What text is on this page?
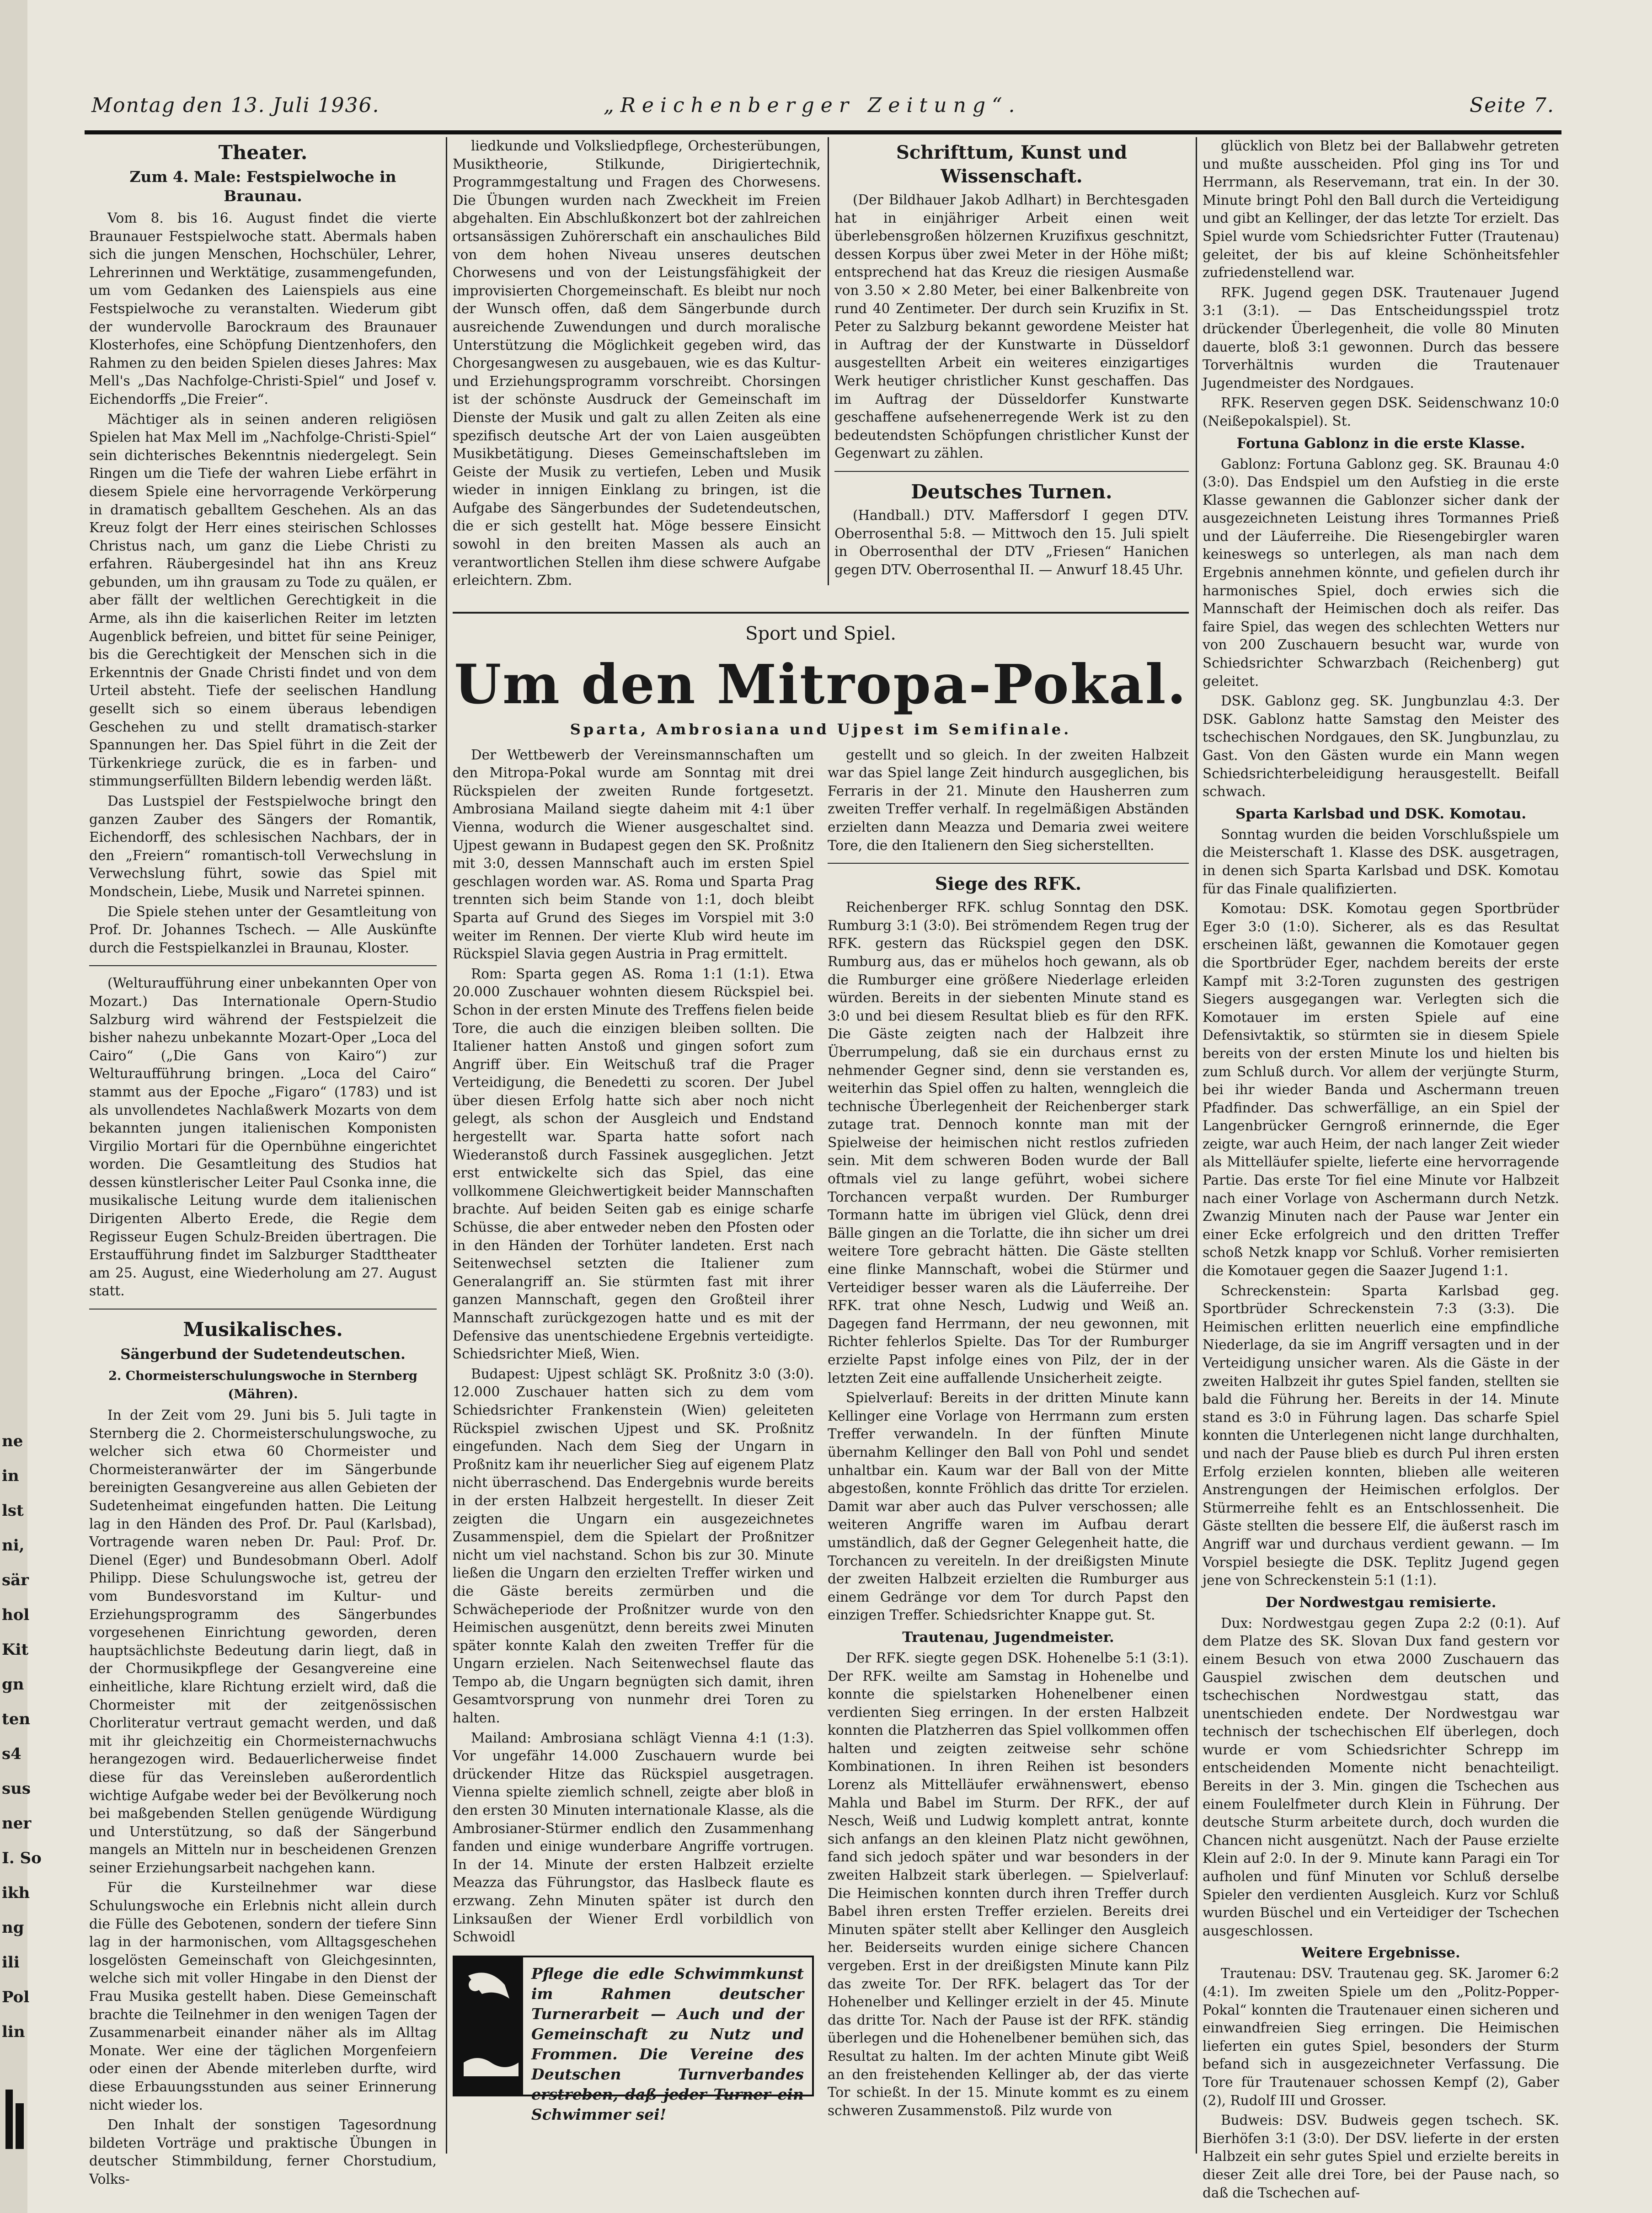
ne
in
lst
ni,
sär
hol
Kit
gn
ten
s4
sus
ner
I. So
ikh
ng
ili
Pol
lin
Montag den 13. Juli 1936.	„Reichenberger Zeitung“.	Seite 7.
Theater.
Zum 4. Male: Festspielwoche in Braunau.

Vom 8. bis 16. August findet die vierte Braunauer Festspielwoche statt. Abermals haben sich die jungen Menschen, Hochschüler, Lehrer, Lehrerinnen und Werktätige, zusammengefunden, um vom Gedanken des Laienspiels aus eine Festspielwoche zu veranstalten. Wiederum gibt der wundervolle Barockraum des Braunauer Klosterhofes, eine Schöpfung Dientzenhofers, den Rahmen zu den beiden Spielen dieses Jahres: Max Mell's „Das Nachfolge-Christi-Spiel“ und Josef v. Eichendorffs „Die Freier“.

Mächtiger als in seinen anderen religiösen Spielen hat Max Mell im „Nachfolge-Christi-Spiel“ sein dichterisches Bekenntnis niedergelegt. Sein Ringen um die Tiefe der wahren Liebe erfährt in diesem Spiele eine hervorragende Verkörperung in dramatisch geballtem Geschehen. Als an das Kreuz folgt der Herr eines steirischen Schlosses Christus nach, um ganz die Liebe Christi zu erfahren. Räubergesindel hat ihn ans Kreuz gebunden, um ihn grausam zu Tode zu quälen, er aber fällt der weltlichen Gerechtigkeit in die Arme, als ihn die kaiserlichen Reiter im letzten Augenblick befreien, und bittet für seine Peiniger, bis die Gerechtigkeit der Menschen sich in die Erkenntnis der Gnade Christi findet und von dem Urteil absteht. Tiefe der seelischen Handlung gesellt sich so einem überaus lebendigen Geschehen zu und stellt dramatisch-starker Spannungen her. Das Spiel führt in die Zeit der Türkenkriege zurück, die es in farben- und stimmungserfüllten Bildern lebendig werden läßt.

Das Lustspiel der Festspielwoche bringt den ganzen Zauber des Sängers der Romantik, Eichendorff, des schlesischen Nachbars, der in den „Freiern“ romantisch-toll Verwechslung in Verwechslung führt, sowie das Spiel mit Mondschein, Liebe, Musik und Narretei spinnen.

Die Spiele stehen unter der Gesamtleitung von Prof. Dr. Johannes Tschech. — Alle Auskünfte durch die Festspielkanzlei in Braunau, Kloster.

(Welturaufführung einer unbekannten Oper von Mozart.) Das Internationale Opern-Studio Salzburg wird während der Festspielzeit die bisher nahezu unbekannte Mozart-Oper „Loca del Cairo“ („Die Gans von Kairo“) zur Welturaufführung bringen. „Loca del Cairo“ stammt aus der Epoche „Figaro“ (1783) und ist als unvollendetes Nachlaßwerk Mozarts von dem bekannten jungen italienischen Komponisten Virgilio Mortari für die Opernbühne eingerichtet worden. Die Gesamtleitung des Studios hat dessen künstlerischer Leiter Paul Csonka inne, die musikalische Leitung wurde dem italienischen Dirigenten Alberto Erede, die Regie dem Regisseur Eugen Schulz-Breiden übertragen. Die Erstaufführung findet im Salzburger Stadttheater am 25. August, eine Wiederholung am 27. August statt.

Musikalisches.
Sängerbund der Sudetendeutschen.
2. Chormeisterschulungswoche in Sternberg (Mähren).

In der Zeit vom 29. Juni bis 5. Juli tagte in Sternberg die 2. Chormeisterschulungswoche, zu welcher sich etwa 60 Chormeister und Chormeisteranwärter der im Sängerbunde bereinigten Gesangvereine aus allen Gebieten der Sudetenheimat eingefunden hatten. Die Leitung lag in den Händen des Prof. Dr. Paul (Karlsbad), Vortragende waren neben Dr. Paul: Prof. Dr. Dienel (Eger) und Bundesobmann Oberl. Adolf Philipp. Diese Schulungswoche ist, getreu der vom Bundesvorstand im Kultur- und Erziehungsprogramm des Sängerbundes vorgesehenen Einrichtung geworden, deren hauptsächlichste Bedeutung darin liegt, daß in der Chormusikpflege der Gesangvereine eine einheitliche, klare Richtung erzielt wird, daß die Chormeister mit der zeitgenössischen Chorliteratur vertraut gemacht werden, und daß mit ihr gleichzeitig ein Chormeisternachwuchs herangezogen wird. Bedauerlicherweise findet diese für das Vereinsleben außerordentlich wichtige Aufgabe weder bei der Bevölkerung noch bei maßgebenden Stellen genügende Würdigung und Unterstützung, so daß der Sängerbund mangels an Mitteln nur in bescheidenen Grenzen seiner Erziehungsarbeit nachgehen kann.

Für die Kursteilnehmer war diese Schulungswoche ein Erlebnis nicht allein durch die Fülle des Gebotenen, sondern der tiefere Sinn lag in der harmonischen, vom Alltagsgeschehen losgelösten Gemeinschaft von Gleichgesinnten, welche sich mit voller Hingabe in den Dienst der Frau Musika gestellt haben. Diese Gemeinschaft brachte die Teilnehmer in den wenigen Tagen der Zusammenarbeit einander näher als im Alltag Monate. Wer eine der täglichen Morgenfeiern oder einen der Abende miterleben durfte, wird diese Erbauungsstunden aus seiner Erinnerung nicht wieder los.

Den Inhalt der sonstigen Tagesordnung bildeten Vorträge und praktische Übungen in deutscher Stimmbildung, ferner Chorstudium, Volks-

liedkunde und Volksliedpflege, Orchesterübungen, Musiktheorie, Stilkunde, Dirigiertechnik, Programmgestaltung und Fragen des Chorwesens. Die Übungen wurden nach Zweckheit im Freien abgehalten. Ein Abschlußkonzert bot der zahlreichen ortsansässigen Zuhörerschaft ein anschauliches Bild von dem hohen Niveau unseres deutschen Chorwesens und von der Leistungsfähigkeit der improvisierten Chorgemeinschaft. Es bleibt nur noch der Wunsch offen, daß dem Sängerbunde durch ausreichende Zuwendungen und durch moralische Unterstützung die Möglichkeit gegeben wird, das Chorgesangwesen zu ausgebauen, wie es das Kultur- und Erziehungsprogramm vorschreibt. Chorsingen ist der schönste Ausdruck der Gemeinschaft im Dienste der Musik und galt zu allen Zeiten als eine spezifisch deutsche Art der von Laien ausgeübten Musikbetätigung. Dieses Gemeinschaftsleben im Geiste der Musik zu vertiefen, Leben und Musik wieder in innigen Einklang zu bringen, ist die Aufgabe des Sängerbundes der Sudetendeutschen, die er sich gestellt hat. Möge bessere Einsicht sowohl in den breiten Massen als auch an verantwortlichen Stellen ihm diese schwere Aufgabe erleichtern. Zbm.

Schrifttum, Kunst und Wissenschaft.

(Der Bildhauer Jakob Adlhart) in Berchtesgaden hat in einjähriger Arbeit einen weit überlebensgroßen hölzernen Kruzifixus geschnitzt, dessen Korpus über zwei Meter in der Höhe mißt; entsprechend hat das Kreuz die riesigen Ausmaße von 3.50 × 2.80 Meter, bei einer Balkenbreite von rund 40 Zentimeter. Der durch sein Kruzifix in St. Peter zu Salzburg bekannt gewordene Meister hat in Auftrag der der Kunstwarte in Düsseldorf ausgestellten Arbeit ein weiteres einzigartiges Werk heutiger christlicher Kunst geschaffen. Das im Auftrag der Düsseldorfer Kunstwarte geschaffene aufsehenerregende Werk ist zu den bedeutendsten Schöpfungen christlicher Kunst der Gegenwart zu zählen.

Deutsches Turnen.

(Handball.) DTV. Maffersdorf I gegen DTV. Oberrosenthal 5:8. — Mittwoch den 15. Juli spielt in Oberrosenthal der DTV „Friesen“ Hanichen gegen DTV. Oberrosenthal II. — Anwurf 18.45 Uhr.

Sport und Spiel.
Um den Mitropa-Pokal.
Sparta, Ambrosiana und Ujpest im Semifinale.

Der Wettbewerb der Vereinsmannschaften um den Mitropa-Pokal wurde am Sonntag mit drei Rückspielen der zweiten Runde fortgesetzt. Ambrosiana Mailand siegte daheim mit 4:1 über Vienna, wodurch die Wiener ausgeschaltet sind. Ujpest gewann in Budapest gegen den SK. Proßnitz mit 3:0, dessen Mannschaft auch im ersten Spiel geschlagen worden war. AS. Roma und Sparta Prag trennten sich beim Stande von 1:1, doch bleibt Sparta auf Grund des Sieges im Vorspiel mit 3:0 weiter im Rennen. Der vierte Klub wird heute im Rückspiel Slavia gegen Austria in Prag ermittelt.

Rom: Sparta gegen AS. Roma 1:1 (1:1). Etwa 20.000 Zuschauer wohnten diesem Rückspiel bei. Schon in der ersten Minute des Treffens fielen beide Tore, die auch die einzigen bleiben sollten. Die Italiener hatten Anstoß und gingen sofort zum Angriff über. Ein Weitschuß traf die Prager Verteidigung, die Benedetti zu scoren. Der Jubel über diesen Erfolg hatte sich aber noch nicht gelegt, als schon der Ausgleich und Endstand hergestellt war. Sparta hatte sofort nach Wiederanstoß durch Fassinek ausgeglichen. Jetzt erst entwickelte sich das Spiel, das eine vollkommene Gleichwertigkeit beider Mannschaften brachte. Auf beiden Seiten gab es einige scharfe Schüsse, die aber entweder neben den Pfosten oder in den Händen der Torhüter landeten. Erst nach Seitenwechsel setzten die Italiener zum Generalangriff an. Sie stürmten fast mit ihrer ganzen Mannschaft, gegen den Großteil ihrer Mannschaft zurückgezogen hatte und es mit der Defensive das unentschiedene Ergebnis verteidigte. Schiedsrichter Mieß, Wien.

Budapest: Ujpest schlägt SK. Proßnitz 3:0 (3:0). 12.000 Zuschauer hatten sich zu dem vom Schiedsrichter Frankenstein (Wien) geleiteten Rückspiel zwischen Ujpest und SK. Proßnitz eingefunden. Nach dem Sieg der Ungarn in Proßnitz kam ihr neuerlicher Sieg auf eigenem Platz nicht überraschend. Das Endergebnis wurde bereits in der ersten Halbzeit hergestellt. In dieser Zeit zeigten die Ungarn ein ausgezeichnetes Zusammenspiel, dem die Spielart der Proßnitzer nicht um viel nachstand. Schon bis zur 30. Minute ließen die Ungarn den erzielten Treffer wirken und die Gäste bereits zermürben und die Schwächeperiode der Proßnitzer wurde von den Heimischen ausgenützt, denn bereits zwei Minuten später konnte Kalah den zweiten Treffer für die Ungarn erzielen. Nach Seitenwechsel flaute das Tempo ab, die Ungarn begnügten sich damit, ihren Gesamtvorsprung von nunmehr drei Toren zu halten.

Mailand: Ambrosiana schlägt Vienna 4:1 (1:3). Vor ungefähr 14.000 Zuschauern wurde bei drückender Hitze das Rückspiel ausgetragen. Vienna spielte ziemlich schnell, zeigte aber bloß in den ersten 30 Minuten internationale Klasse, als die Ambrosianer-Stürmer endlich den Zusammenhang fanden und einige wunderbare Angriffe vortrugen. In der 14. Minute der ersten Halbzeit erzielte Meazza das Führungstor, das Haslbeck flaute es erzwang. Zehn Minuten später ist durch den Linksaußen der Wiener Erdl vorbildlich von Schwoidl

Pflege die edle Schwimmkunst im Rahmen deutscher Turnerarbeit — Auch und der Gemeinschaft zu Nutz und Frommen. Die Vereine des Deutschen Turnverbandes erstreben, daß jeder Turner ein Schwimmer sei!

gestellt und so gleich. In der zweiten Halbzeit war das Spiel lange Zeit hindurch ausgeglichen, bis Ferraris in der 21. Minute den Hausherren zum zweiten Treffer verhalf. In regelmäßigen Abständen erzielten dann Meazza und Demaria zwei weitere Tore, die den Italienern den Sieg sicherstellten.

Siege des RFK.

Reichenberger RFK. schlug Sonntag den DSK. Rumburg 3:1 (3:0). Bei strömendem Regen trug der RFK. gestern das Rückspiel gegen den DSK. Rumburg aus, das er mühelos hoch gewann, als ob die Rumburger eine größere Niederlage erleiden würden. Bereits in der siebenten Minute stand es 3:0 und bei diesem Resultat blieb es für den RFK. Die Gäste zeigten nach der Halbzeit ihre Überrumpelung, daß sie ein durchaus ernst zu nehmender Gegner sind, denn sie verstanden es, weiterhin das Spiel offen zu halten, wenngleich die technische Überlegenheit der Reichenberger stark zutage trat. Dennoch konnte man mit der Spielweise der heimischen nicht restlos zufrieden sein. Mit dem schweren Boden wurde der Ball oftmals viel zu lange geführt, wobei sichere Torchancen verpaßt wurden. Der Rumburger Tormann hatte im übrigen viel Glück, denn drei Bälle gingen an die Torlatte, die ihn sicher um drei weitere Tore gebracht hätten. Die Gäste stellten eine flinke Mannschaft, wobei die Stürmer und Verteidiger besser waren als die Läuferreihe. Der RFK. trat ohne Nesch, Ludwig und Weiß an. Dagegen fand Herrmann, der neu gewonnen, mit Richter fehlerlos Spielte. Das Tor der Rumburger erzielte Papst infolge eines von Pilz, der in der letzten Zeit eine auffallende Unsicherheit zeigte.

Spielverlauf: Bereits in der dritten Minute kann Kellinger eine Vorlage von Herrmann zum ersten Treffer verwandeln. In der fünften Minute übernahm Kellinger den Ball von Pohl und sendet unhaltbar ein. Kaum war der Ball von der Mitte abgestoßen, konnte Fröhlich das dritte Tor erzielen. Damit war aber auch das Pulver verschossen; alle weiteren Angriffe waren im Aufbau derart umständlich, daß der Gegner Gelegenheit hatte, die Torchancen zu vereiteln. In der dreißigsten Minute der zweiten Halbzeit erzielten die Rumburger aus einem Gedränge vor dem Tor durch Papst den einzigen Treffer. Schiedsrichter Knappe gut. St.

Trautenau, Jugendmeister.

Der RFK. siegte gegen DSK. Hohenelbe 5:1 (3:1). Der RFK. weilte am Samstag in Hohenelbe und konnte die spielstarken Hohenelbener einen verdienten Sieg erringen. In der ersten Halbzeit konnten die Platzherren das Spiel vollkommen offen halten und zeigten zeitweise sehr schöne Kombinationen. In ihren Reihen ist besonders Lorenz als Mittelläufer erwähnenswert, ebenso Mahla und Babel im Sturm. Der RFK., der auf Nesch, Weiß und Ludwig komplett antrat, konnte sich anfangs an den kleinen Platz nicht gewöhnen, fand sich jedoch später und war besonders in der zweiten Halbzeit stark überlegen. — Spielverlauf: Die Heimischen konnten durch ihren Treffer durch Babel ihren ersten Treffer erzielen. Bereits drei Minuten später stellt aber Kellinger den Ausgleich her. Beiderseits wurden einige sichere Chancen vergeben. Erst in der dreißigsten Minute kann Pilz das zweite Tor. Der RFK. belagert das Tor der Hohenelber und Kellinger erzielt in der 45. Minute das dritte Tor. Nach der Pause ist der RFK. ständig überlegen und die Hohenelbener bemühen sich, das Resultat zu halten. Im der achten Minute gibt Weiß an den freistehenden Kellinger ab, der das vierte Tor schießt. In der 15. Minute kommt es zu einem schweren Zusammenstoß. Pilz wurde von

glücklich von Bletz bei der Ballabwehr getreten und mußte ausscheiden. Pfol ging ins Tor und Herrmann, als Reservemann, trat ein. In der 30. Minute bringt Pohl den Ball durch die Verteidigung und gibt an Kellinger, der das letzte Tor erzielt. Das Spiel wurde vom Schiedsrichter Futter (Trautenau) geleitet, der bis auf kleine Schönheitsfehler zufriedenstellend war.

RFK. Jugend gegen DSK. Trautenauer Jugend 3:1 (3:1). — Das Entscheidungsspiel trotz drückender Überlegenheit, die volle 80 Minuten dauerte, bloß 3:1 gewonnen. Durch das bessere Torverhältnis wurden die Trautenauer Jugendmeister des Nordgaues.

RFK. Reserven gegen DSK. Seidenschwanz 10:0 (Neißepokalspiel). St.

Fortuna Gablonz in die erste Klasse.

Gablonz: Fortuna Gablonz geg. SK. Braunau 4:0 (3:0). Das Endspiel um den Aufstieg in die erste Klasse gewannen die Gablonzer sicher dank der ausgezeichneten Leistung ihres Tormannes Prieß und der Läuferreihe. Die Riesengebirgler waren keineswegs so unterlegen, als man nach dem Ergebnis annehmen könnte, und gefielen durch ihr harmonisches Spiel, doch erwies sich die Mannschaft der Heimischen doch als reifer. Das faire Spiel, das wegen des schlechten Wetters nur von 200 Zuschauern besucht war, wurde von Schiedsrichter Schwarzbach (Reichenberg) gut geleitet.

DSK. Gablonz geg. SK. Jungbunzlau 4:3. Der DSK. Gablonz hatte Samstag den Meister des tschechischen Nordgaues, den SK. Jungbunzlau, zu Gast. Von den Gästen wurde ein Mann wegen Schiedsrichterbeleidigung herausgestellt. Beifall schwach.

Sparta Karlsbad und DSK. Komotau.

Sonntag wurden die beiden Vorschlußspiele um die Meisterschaft 1. Klasse des DSK. ausgetragen, in denen sich Sparta Karlsbad und DSK. Komotau für das Finale qualifizierten.

Komotau: DSK. Komotau gegen Sportbrüder Eger 3:0 (1:0). Sicherer, als es das Resultat erscheinen läßt, gewannen die Komotauer gegen die Sportbrüder Eger, nachdem bereits der erste Kampf mit 3:2-Toren zugunsten des gestrigen Siegers ausgegangen war. Verlegten sich die Komotauer im ersten Spiele auf eine Defensivtaktik, so stürmten sie in diesem Spiele bereits von der ersten Minute los und hielten bis zum Schluß durch. Vor allem der verjüngte Sturm, bei ihr wieder Banda und Aschermann treuen Pfadfinder. Das schwerfällige, an ein Spiel der Langenbrücker Gerngroß erinnernde, die Eger zeigte, war auch Heim, der nach langer Zeit wieder als Mittelläufer spielte, lieferte eine hervorragende Partie. Das erste Tor fiel eine Minute vor Halbzeit nach einer Vorlage von Aschermann durch Netzk. Zwanzig Minuten nach der Pause war Jenter ein einer Ecke erfolgreich und den dritten Treffer schoß Netzk knapp vor Schluß. Vorher remisierten die Komotauer gegen die Saazer Jugend 1:1.

Schreckenstein: Sparta Karlsbad geg. Sportbrüder Schreckenstein 7:3 (3:3). Die Heimischen erlitten neuerlich eine empfindliche Niederlage, da sie im Angriff versagten und in der Verteidigung unsicher waren. Als die Gäste in der zweiten Halbzeit ihr gutes Spiel fanden, stellten sie bald die Führung her. Bereits in der 14. Minute stand es 3:0 in Führung lagen. Das scharfe Spiel konnten die Unterlegenen nicht lange durchhalten, und nach der Pause blieb es durch Pul ihren ersten Erfolg erzielen konnten, blieben alle weiteren Anstrengungen der Heimischen erfolglos. Der Stürmerreihe fehlt es an Entschlossenheit. Die Gäste stellten die bessere Elf, die äußerst rasch im Angriff war und durchaus verdient gewann. — Im Vorspiel besiegte die DSK. Teplitz Jugend gegen jene von Schreckenstein 5:1 (1:1).

Der Nordwestgau remisierte.

Dux: Nordwestgau gegen Zupa 2:2 (0:1). Auf dem Platze des SK. Slovan Dux fand gestern vor einem Besuch von etwa 2000 Zuschauern das Gauspiel zwischen dem deutschen und tschechischen Nordwestgau statt, das unentschieden endete. Der Nordwestgau war technisch der tschechischen Elf überlegen, doch wurde er vom Schiedsrichter Schrepp im entscheidenden Momente nicht benachteiligt. Bereits in der 3. Min. gingen die Tschechen aus einem Foulelfmeter durch Klein in Führung. Der deutsche Sturm arbeitete durch, doch wurden die Chancen nicht ausgenützt. Nach der Pause erzielte Klein auf 2:0. In der 9. Minute kann Paragi ein Tor aufholen und fünf Minuten vor Schluß derselbe Spieler den verdienten Ausgleich. Kurz vor Schluß wurden Büschel und ein Verteidiger der Tschechen ausgeschlossen.

Weitere Ergebnisse.

Trautenau: DSV. Trautenau geg. SK. Jaromer 6:2 (4:1). Im zweiten Spiele um den „Politz-Popper-Pokal“ konnten die Trautenauer einen sicheren und einwandfreien Sieg erringen. Die Heimischen lieferten ein gutes Spiel, besonders der Sturm befand sich in ausgezeichneter Verfassung. Die Tore für Trautenauer schossen Kempf (2), Gaber (2), Rudolf III und Grosser.

Budweis: DSV. Budweis gegen tschech. SK. Bierhöfen 3:1 (3:0). Der DSV. lieferte in der ersten Halbzeit ein sehr gutes Spiel und erzielte bereits in dieser Zeit alle drei Tore, bei der Pause nach, so daß die Tschechen auf-
